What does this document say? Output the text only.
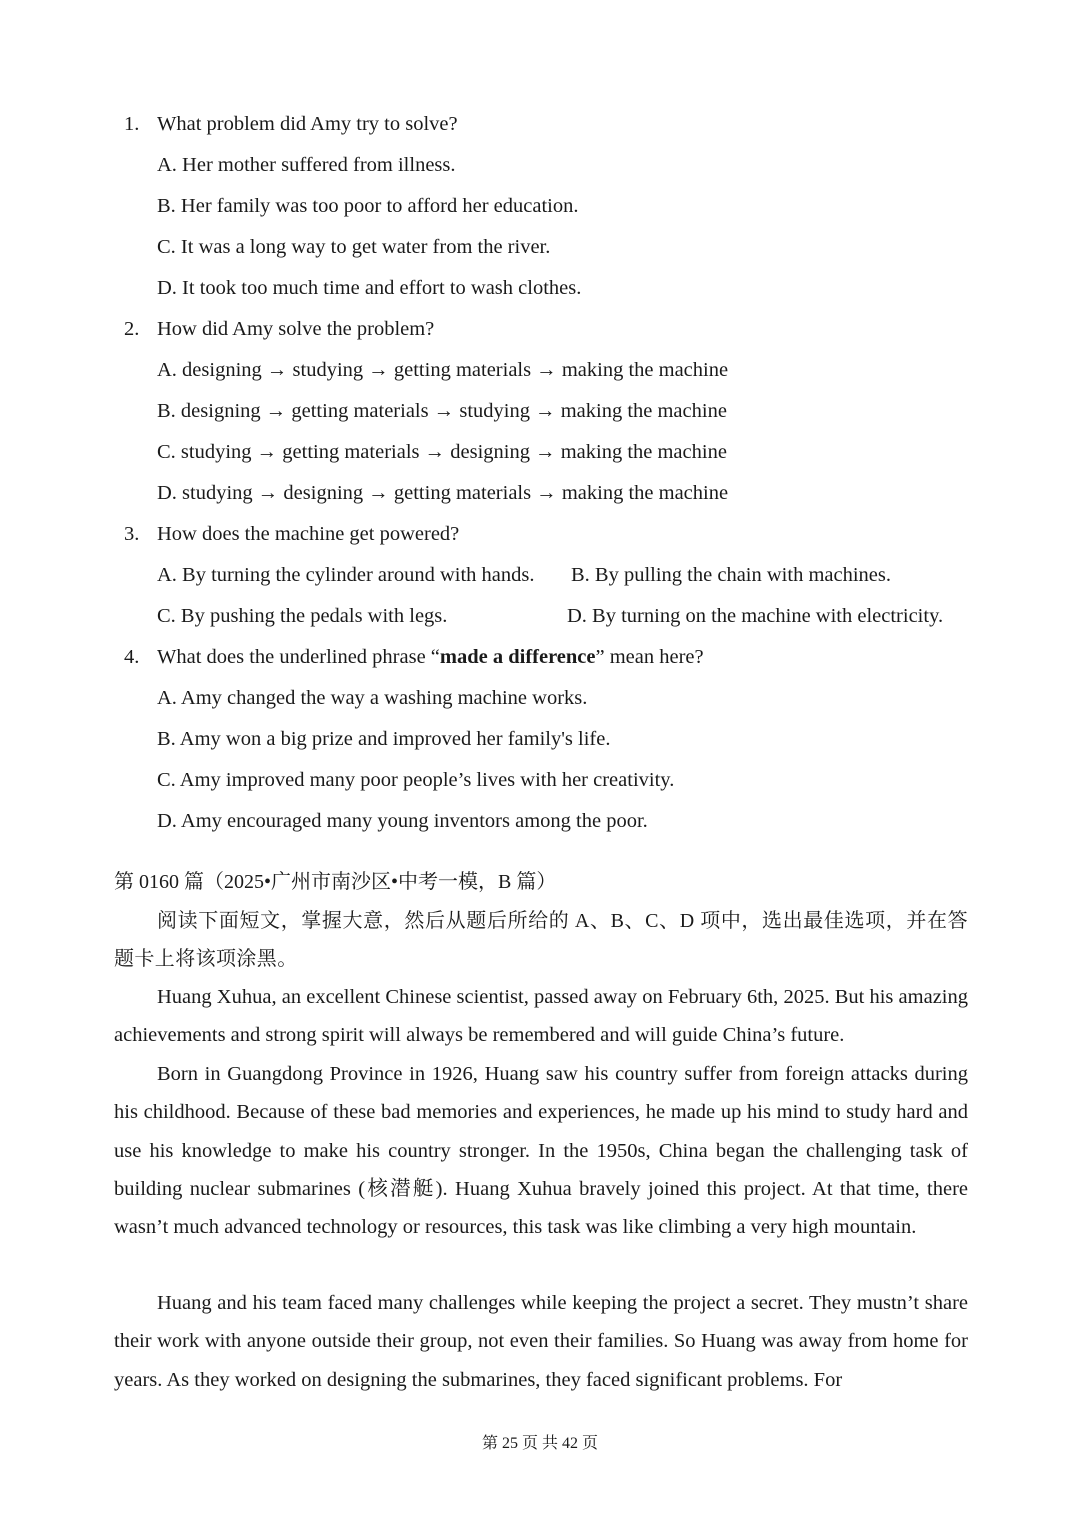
1. What problem did Amy try to solve?
A. Her mother suffered from illness.
B. Her family was too poor to afford her education.
C. It was a long way to get water from the river.
D. It took too much time and effort to wash clothes.
2. How did Amy solve the problem?
A. designing → studying → getting materials → making the machine
B. designing → getting materials → studying → making the machine
C. studying → getting materials → designing → making the machine
D. studying → designing → getting materials → making the machine
3. How does the machine get powered?
A. By turning the cylinder around with hands. B. By pulling the chain with machines.
C. By pushing the pedals with legs.	D. By turning on the machine with electricity.
4. What does the underlined phrase “made a difference” mean here?
A. Amy changed the way a washing machine works.
B. Amy won a big prize and improved her family's life.
C. Amy improved many poor people’s lives with her creativity.
D. Amy encouraged many young inventors among the poor.
第 0160 篇（2025•广州市南沙区•中考一模，B 篇）
阅读下面短文，掌握大意，然后从题后所给的 A、B、C、D 项中，选出最佳选项，并在答题卡上将该项涂黑。
Huang Xuhua, an excellent Chinese scientist, passed away on February 6th, 2025. But his amazing achievements and strong spirit will always be remembered and will guide China’s future.
Born in Guangdong Province in 1926, Huang saw his country suffer from foreign attacks during his childhood. Because of these bad memories and experiences, he made up his mind to study hard and use his knowledge to make his country stronger. In the 1950s, China began the challenging task of building nuclear submarines (核潜艇). Huang Xuhua bravely joined this project. At that time, there wasn’t much advanced technology or resources, this task was like climbing a very high mountain.
Huang and his team faced many challenges while keeping the project a secret. They mustn’t share their work with anyone outside their group, not even their families. So Huang was away from home for years. As they worked on designing the submarines, they faced significant problems. For
第 25 页 共 42 页
